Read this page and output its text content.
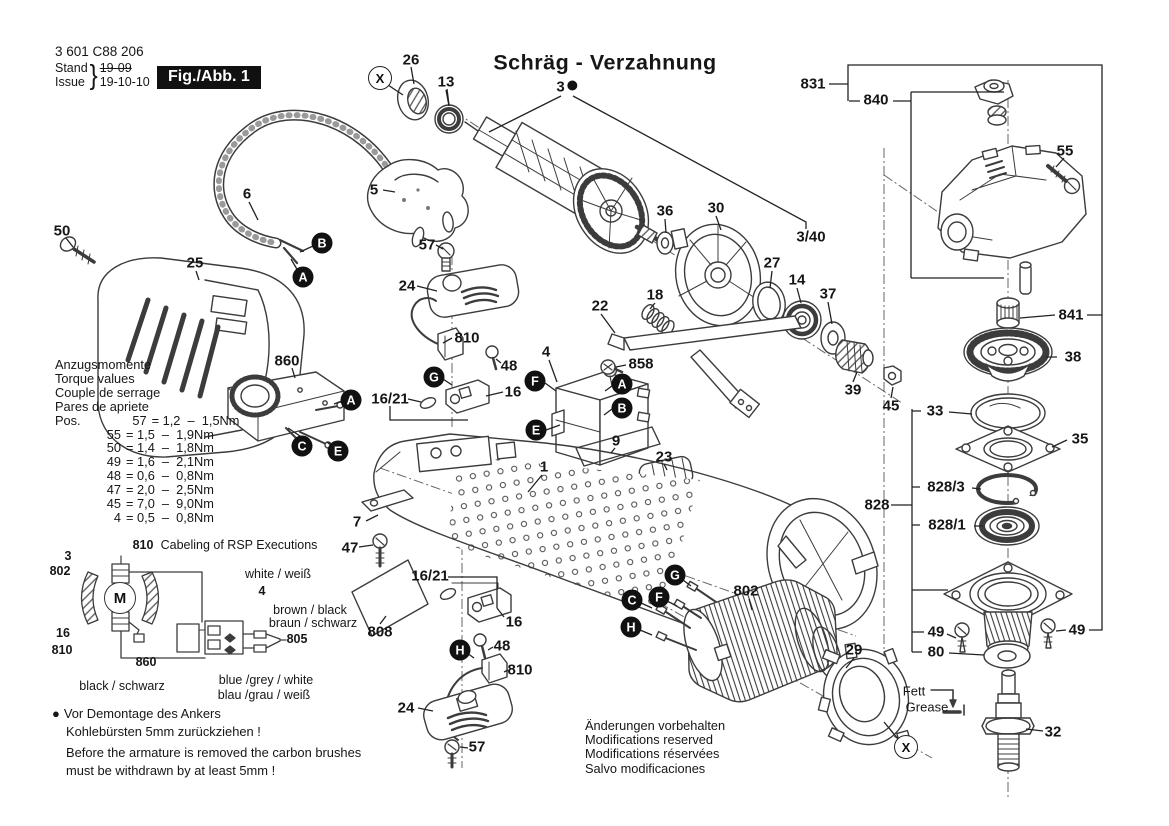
3 601 C88 206
Stand
Issue } 19-09
19-10-10	Fig./Abb. 1
Schräg - Verzahnung
Anzugsmomente
Torque values
Couple de serrage
Pares de apriete
Pos.	57 = 1,2  –  1,5Nm
55 = 1,5  –  1,9Nm
50 = 1,4  –  1,8Nm
49 = 1,6  –  2,1Nm
48 = 0,6  –  0,8Nm
47 = 2,0  –  2,5Nm
45 = 7,0  –  9,0Nm
4 = 0,5  –  0,8Nm
● Vor Demontage des Ankers
Kohlebürsten 5mm zurückziehen !
Before the armature is removed the carbon brushes
must be withdrawn by at least 5mm !
Änderungen vorbehalten
Modifications reserved
Modifications réservées
Salvo modificaciones
3
3/40
X
26
13
5
6
B
A
50
25
57
24
810
48
16/21	16
G
860
A
C	E
36 30
27
14
18	37
22
39
45
4
858
A
B
F
E
9
23
1
7
47
808
16/21
16
48
H
810
24
57
802
G
F
C
H
29
X
32
49	49
80
33
35
828/3
828
828/1
841
38
831
840
55
Fett
Grease
M
810
3
802
16
810
860
805
4
Cabeling of RSP Executions
white / weiß
brown / black
braun / schwarz
black / schwarz	blue /grey / white
blau /grau / weiß
